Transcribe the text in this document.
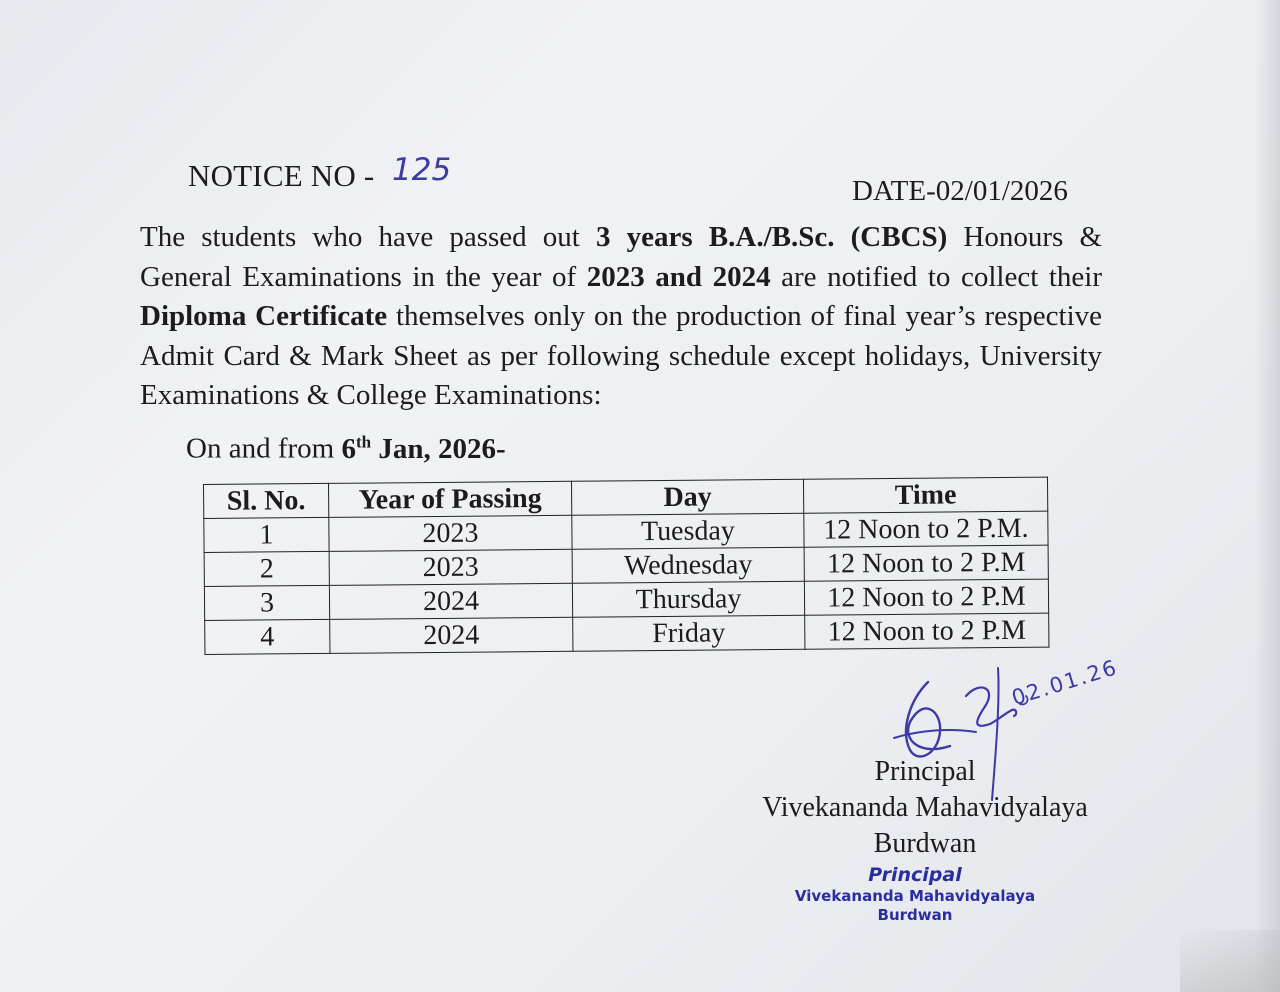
NOTICE NO - 125
DATE-02/01/2026
The students who have passed out 3 years B.A./B.Sc. (CBCS) Honours & General Examinations in the year of 2023 and 2024 are notified to collect their Diploma Certificate themselves only on the production of final year’s respective Admit Card & Mark Sheet as per following schedule except holidays, University Examinations & College Examinations:
On and from 6th Jan, 2026-
Sl. No.	Year of Passing	Day	Time
1	2023	Tuesday	12 Noon to 2 P.M.
2	2023	Wednesday	12 Noon to 2 P.M
3	2024	Thursday	12 Noon to 2 P.M
4	2024	Friday	12 Noon to 2 P.M
02.01.26
Principal
Vivekananda Mahavidyalaya
Burdwan
Principal
Vivekananda Mahavidyalaya
Burdwan
